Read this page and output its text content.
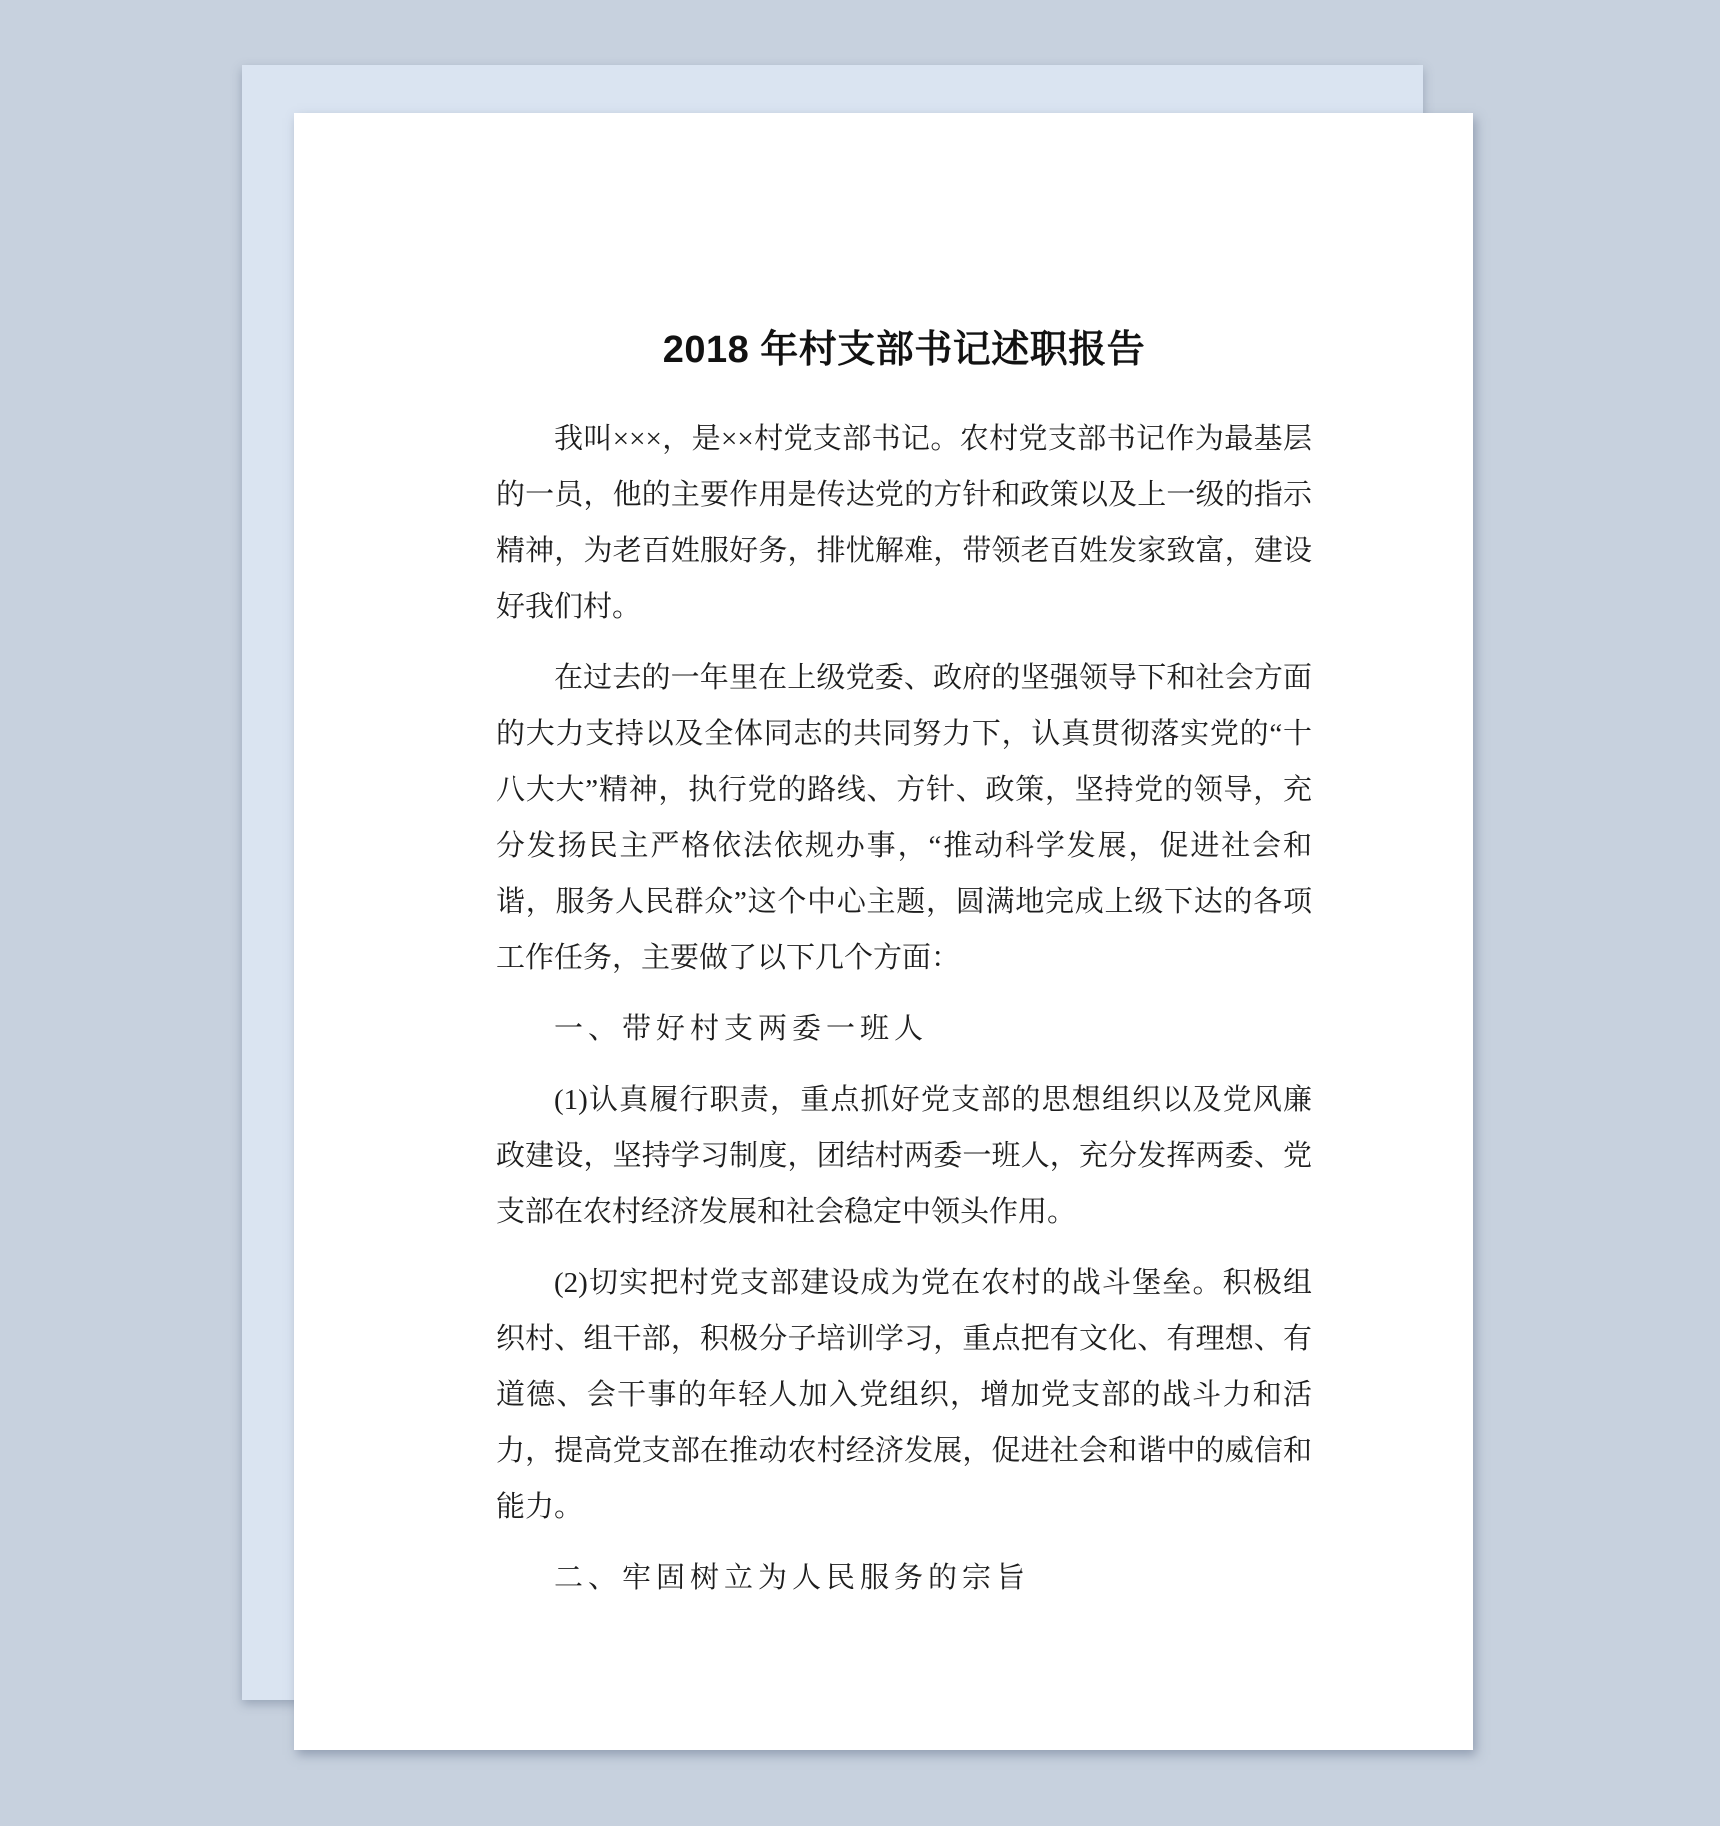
2018 年村支部书记述职报告

我叫×××，是××村党支部书记。农村党支部书记作为最基层的一员，他的主要作用是传达党的方针和政策以及上一级的指示精神，为老百姓服好务，排忧解难，带领老百姓发家致富，建设好我们村。

在过去的一年里在上级党委、政府的坚强领导下和社会方面的大力支持以及全体同志的共同努力下，认真贯彻落实党的“十八大大”精神，执行党的路线、方针、政策，坚持党的领导，充分发扬民主严格依法依规办事，“推动科学发展，促进社会和谐，服务人民群众”这个中心主题，圆满地完成上级下达的各项工作任务，主要做了以下几个方面：

一、带好村支两委一班人

(1)认真履行职责，重点抓好党支部的思想组织以及党风廉政建设，坚持学习制度，团结村两委一班人，充分发挥两委、党支部在农村经济发展和社会稳定中领头作用。

(2)切实把村党支部建设成为党在农村的战斗堡垒。积极组织村、组干部，积极分子培训学习，重点把有文化、有理想、有道德、会干事的年轻人加入党组织，增加党支部的战斗力和活力，提高党支部在推动农村经济发展，促进社会和谐中的威信和能力。

二、牢固树立为人民服务的宗旨
